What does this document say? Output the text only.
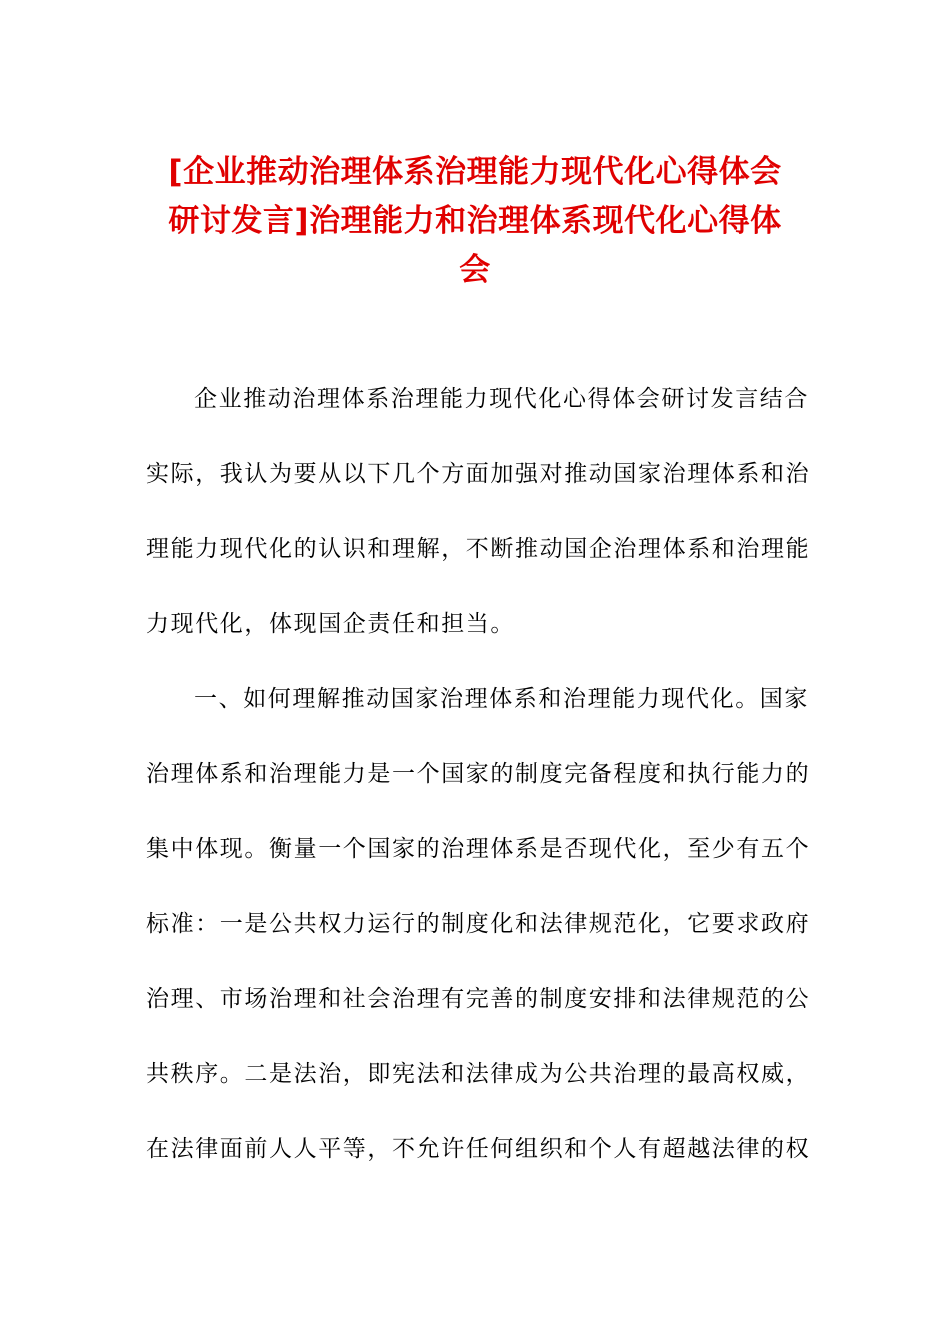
[企业推动治理体系治理能力现代化心得体会
研讨发言]治理能力和治理体系现代化心得体
会

企业推动治理体系治理能力现代化心得体会研讨发言结合

实际，我认为要从以下几个方面加强对推动国家治理体系和治

理能力现代化的认识和理解，不断推动国企治理体系和治理能

力现代化，体现国企责任和担当。

一、如何理解推动国家治理体系和治理能力现代化。国家

治理体系和治理能力是一个国家的制度完备程度和执行能力的

集中体现。衡量一个国家的治理体系是否现代化，至少有五个

标准：一是公共权力运行的制度化和法律规范化，它要求政府

治理、市场治理和社会治理有完善的制度安排和法律规范的公

共秩序。二是法治，即宪法和法律成为公共治理的最高权威，

在法律面前人人平等，不允许任何组织和个人有超越法律的权
